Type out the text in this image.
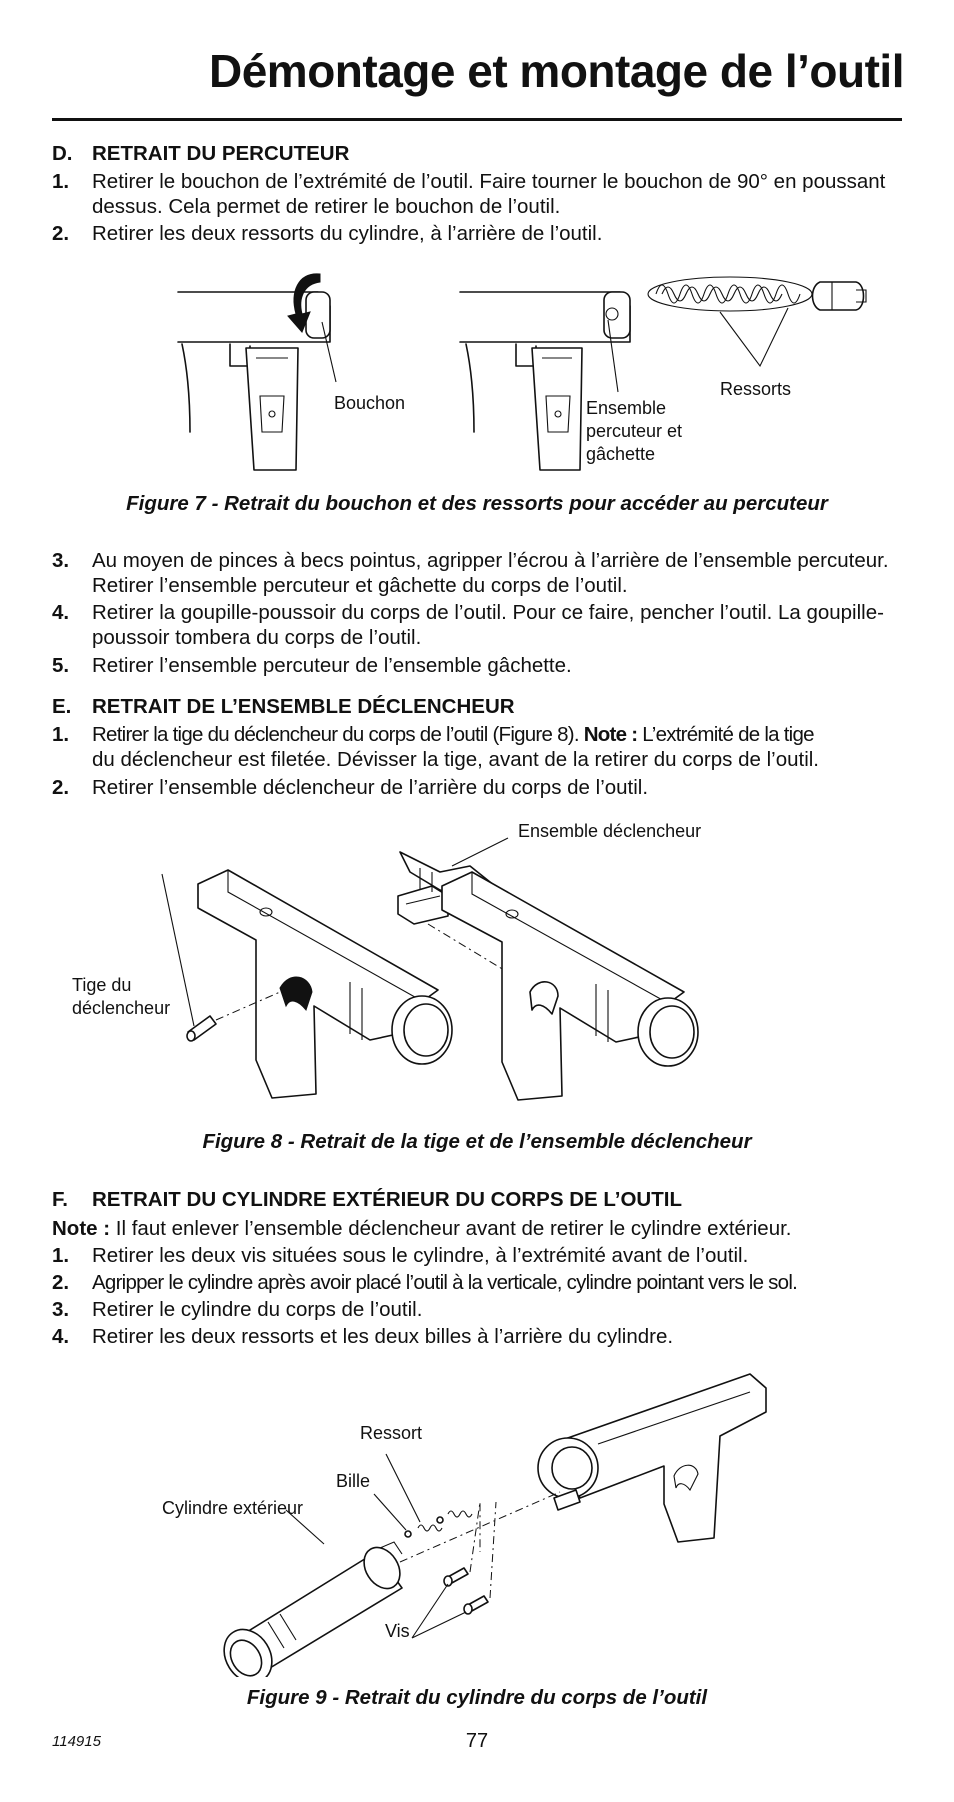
Démontage et montage de l’outil
D. RETRAIT DU PERCUTEUR
1. Retirer le bouchon de l’extrémité de l’outil. Faire tourner le bouchon de 90° en poussant dessus. Cela permet de retirer le bouchon de l’outil.
2. Retirer les deux ressorts du cylindre, à l’arrière de l’outil.
Bouchon	Ensemble
percuteur et
gâchette
Ressorts
Figure 7 - Retrait du bouchon et des ressorts pour accéder au percuteur
3. Au moyen de pinces à becs pointus, agripper l’écrou à l’arrière de l’ensemble percuteur. Retirer l’ensemble percuteur et gâchette du corps de l’outil.
4. Retirer la goupille-poussoir du corps de l’outil. Pour ce faire, pencher l’outil. La goupille-poussoir tombera du corps de l’outil.
5. Retirer l’ensemble percuteur de l’ensemble gâchette.
E. RETRAIT DE L’ENSEMBLE DÉCLENCHEUR
1. Retirer la tige du déclencheur du corps de l’outil (Figure 8). Note : L’extrémité de la tige
du déclencheur est filetée. Dévisser la tige, avant de la retirer du corps de l’outil.
2. Retirer l’ensemble déclencheur de l’arrière du corps de l’outil.
Ensemble déclencheur
Tige du
déclencheur
Figure 8 - Retrait de la tige et de l’ensemble déclencheur
F. RETRAIT DU CYLINDRE EXTÉRIEUR DU CORPS DE L’OUTIL
Note : Il faut enlever l’ensemble déclencheur avant de retirer le cylindre extérieur.
1. Retirer les deux vis situées sous le cylindre, à l’extrémité avant de l’outil.
2. Agripper le cylindre après avoir placé l’outil à la verticale, cylindre pointant vers le sol.
3. Retirer le cylindre du corps de l’outil.
4. Retirer les deux ressorts et les deux billes à l’arrière du cylindre.
Ressort
Bille
Cylindre extérieur
Vis
Figure 9 - Retrait du cylindre du corps de l’outil
114915	77
